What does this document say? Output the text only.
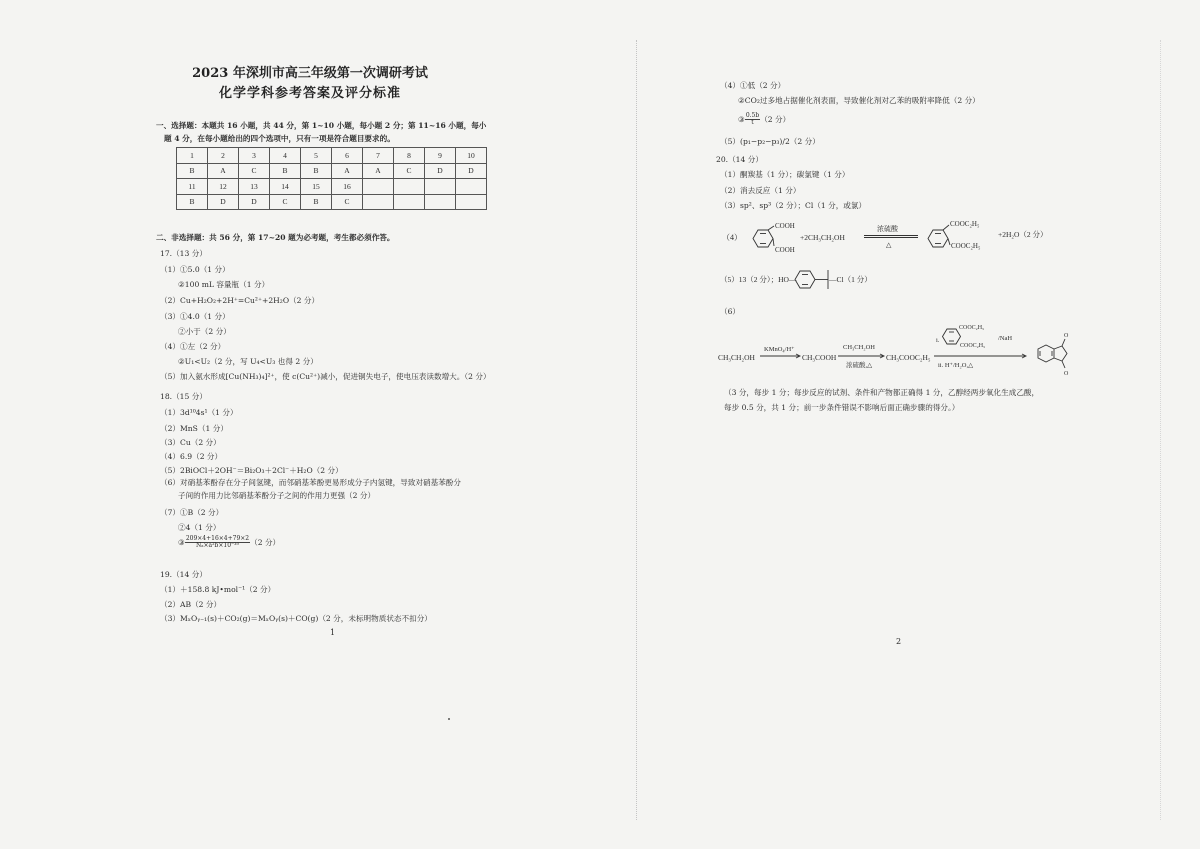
2023 年深圳市高三年级第一次调研考试
化学学科参考答案及评分标准
一、选择题：本题共 16 小题，共 44 分，第 1~10 小题，每小题 2 分；第 11~16 小题，每小
题 4 分，在每小题给出的四个选项中，只有一项是符合题目要求的。
1	2	3	4	5	6	7	8	9	10
B	A	C	B	B	A	A	C	D	D
11	12	13	14	15	16				
B	D	D	C	B	C				
二、非选择题：共 56 分，第 17~20 题为必考题，考生都必须作答。
17.（13 分）
（1）①5.0（1 分）
②100 mL 容量瓶（1 分）
（2）Cu+H₂O₂+2H⁺=Cu²⁺+2H₂O（2 分）
（3）①4.0（1 分）
②小于（2 分）
（4）①左（2 分）
②U₁<U₂（2 分，写 U₄<U₃ 也得 2 分）
（5）加入氨水形成[Cu(NH₃)₄]²⁺，使 c(Cu²⁺)减小，促进铜失电子，使电压表读数增大。（2 分）
18.（15 分）
（1）3d¹⁰4s¹（1 分）
（2）MnS（1 分）
（3）Cu（2 分）
（4）6.9（2 分）
（5）2BiOCl＋2OH⁻＝Bi₂O₃＋2Cl⁻＋H₂O（2 分）
（6）对硝基苯酚存在分子间氢键，而邻硝基苯酚更易形成分子内氢键，导致对硝基苯酚分
子间的作用力比邻硝基苯酚分子之间的作用力更强（2 分）
（7）①B（2 分）
②4（1 分）
③ $\frac{209\times 4+16\times 4+79\times 2}{\text{Nₐ×a²b×10⁻³⁰}} (2$ 分）
19.（14 分）
（1）＋158.8 kJ•mol⁻¹（2 分）
（2）AB（2 分）
（3）MₓOᵧ₋₁(s)＋CO₂(g)＝MₓOᵧ(s)＋CO(g)（2 分，未标明物质状态不扣分）
1
（4）①低（2 分）
②CO₂过多地占据催化剂表面，导致催化剂对乙苯的吸附率降低（2 分）
③ $\frac{0.5b}{t} (2$ 分）
（5）(p₁−p₂−p₃)/2（2 分）
20.（14 分）
（1）酮羰基（1 分）；碳氯键（1 分）
（2）消去反应（1 分）
（3）sp²、sp³（2 分）；Cl（1 分，或氯）
（4）
COOH
COOH
+2CH₃CH₂OH
浓硫酸
△
COOC₂H₅
COOC₂H₅
+2H₂O（2 分）
（5）13（2 分）；HO—	—Cl（1 分）
（6）
CH₃CH₂OH
KMnO₄/H⁺
CH₃COOH
CH₃CH₂OH
浓硫酸,△
CH₃COOC₂H₅
i.
COOC₂H₅
COOC₂H₅
/NaH
ii. H⁺/H₂O,△
O
O
（3 分，每步 1 分；每步反应的试剂、条件和产物都正确得 1 分，乙醇经两步氧化生成乙酸，
每步 0.5 分，共 1 分；前一步条件错误不影响后面正确步骤的得分。）
2
